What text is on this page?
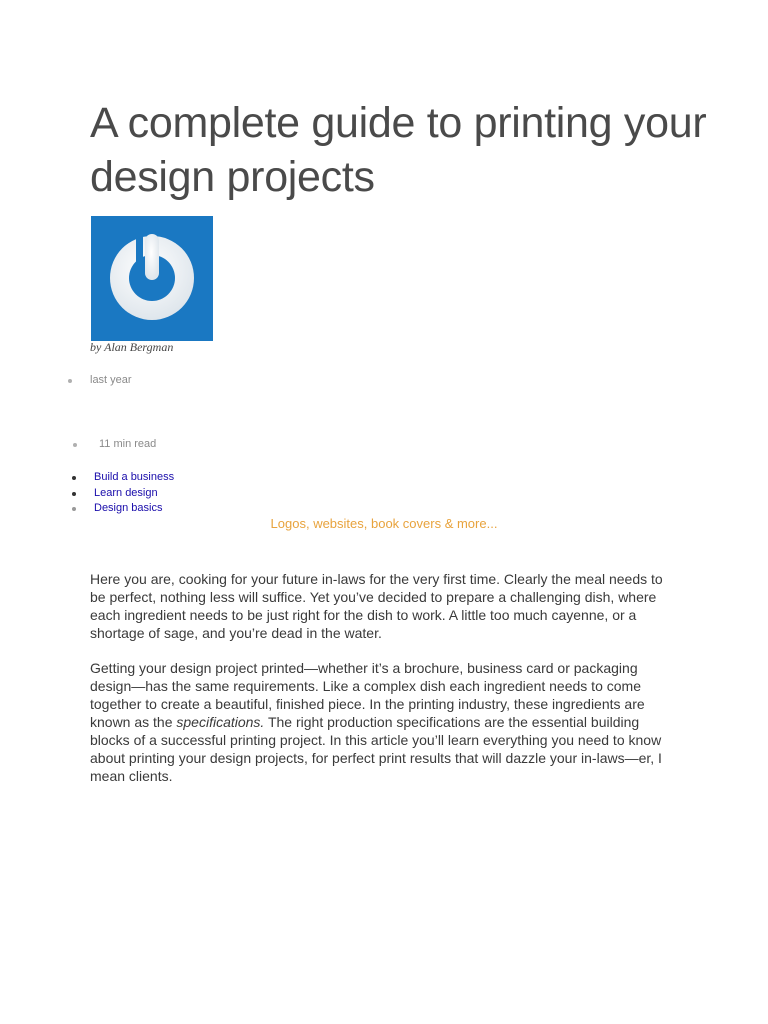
A complete guide to printing your design projects
by Alan Bergman
last year
11 min read
Build a business
Learn design
Design basics
Logos, websites, book covers & more...

Here you are, cooking for your future in-laws for the very first time. Clearly the meal needs to be perfect, nothing less will suffice. Yet you’ve decided to prepare a challenging dish, where each ingredient needs to be just right for the dish to work. A little too much cayenne, or a shortage of sage, and you’re dead in the water.

Getting your design project printed—whether it’s a brochure, business card or packaging design—has the same requirements. Like a complex dish each ingredient needs to come together to create a beautiful, finished piece. In the printing industry, these ingredients are known as the specifications. The right production specifications are the essential building blocks of a successful printing project. In this article you’ll learn everything you need to know about printing your design projects, for perfect print results that will dazzle your in-laws—er, I mean clients.
